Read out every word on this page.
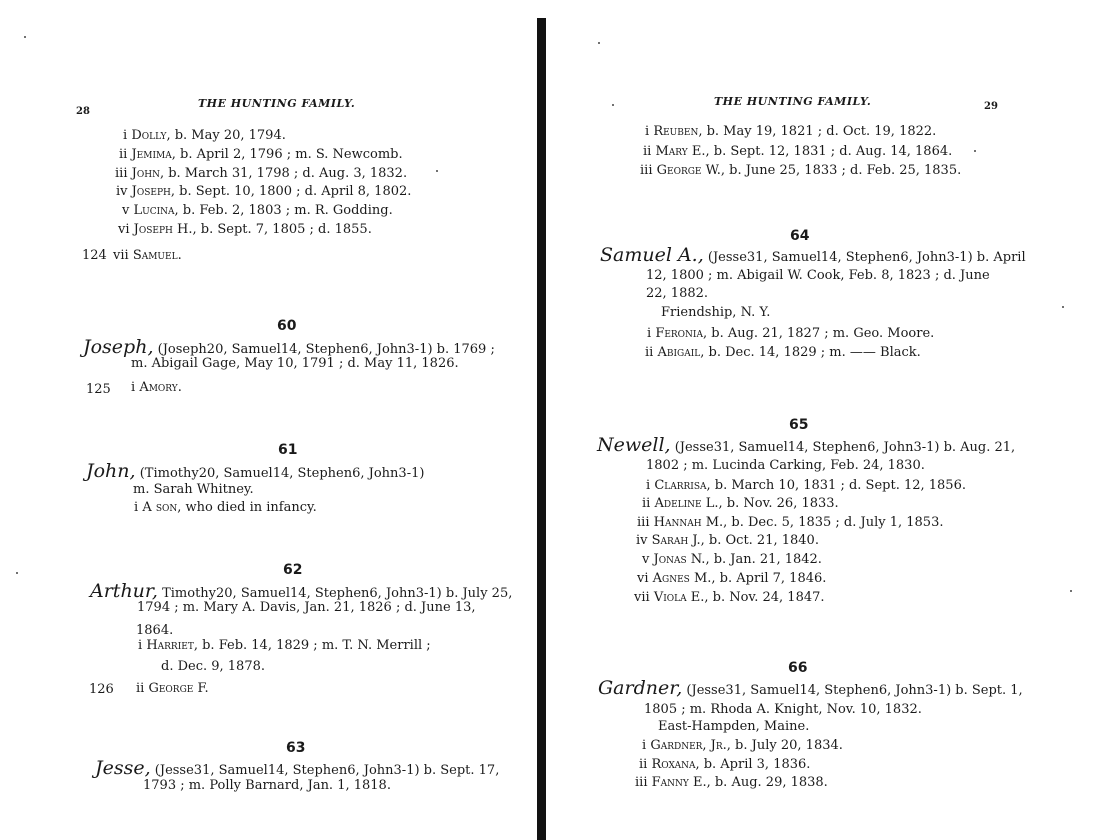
28
THE HUNTING FAMILY.
i Dolly, b. May 20, 1794.
ii Jemima, b. April 2, 1796 ; m. S. Newcomb.
iii John, b. March 31, 1798 ; d. Aug. 3, 1832.
iv Joseph, b. Sept. 10, 1800 ; d. April 8, 1802.
v Lucina, b. Feb. 2, 1803 ; m. R. Godding.
vi Joseph H., b. Sept. 7, 1805 ; d. 1855.
124 vii Samuel.
60
Joseph, (Joseph20, Samuel14, Stephen6, John3-1) b. 1769 ;
m. Abigail Gage, May 10, 1791 ; d. May 11, 1826.
125 i Amory.
61
John, (Timothy20, Samuel14, Stephen6, John3-1)
m. Sarah Whitney.
i A son, who died in infancy.
62
Arthur, Timothy20, Samuel14, Stephen6, John3-1) b. July 25,
1794 ; m. Mary A. Davis, Jan. 21, 1826 ; d. June 13,
1864.
i Harriet, b. Feb. 14, 1829 ; m. T. N. Merrill ;
d. Dec. 9, 1878.
126 ii George F.
63
Jesse, (Jesse31, Samuel14, Stephen6, John3-1) b. Sept. 17,
1793 ; m. Polly Barnard, Jan. 1, 1818.
THE HUNTING FAMILY.	29
i Reuben, b. May 19, 1821 ; d. Oct. 19, 1822.
ii Mary E., b. Sept. 12, 1831 ; d. Aug. 14, 1864.
iii George W., b. June 25, 1833 ; d. Feb. 25, 1835.
64
Samuel A., (Jesse31, Samuel14, Stephen6, John3-1) b. April
12, 1800 ; m. Abigail W. Cook, Feb. 8, 1823 ; d. June
22, 1882.
Friendship, N. Y.
i Feronia, b. Aug. 21, 1827 ; m. Geo. Moore.
ii Abigail, b. Dec. 14, 1829 ; m. —— Black.
65
Newell, (Jesse31, Samuel14, Stephen6, John3-1) b. Aug. 21,
1802 ; m. Lucinda Carking, Feb. 24, 1830.
i Clarrisa, b. March 10, 1831 ; d. Sept. 12, 1856.
ii Adeline L., b. Nov. 26, 1833.
iii Hannah M., b. Dec. 5, 1835 ; d. July 1, 1853.
iv Sarah J., b. Oct. 21, 1840.
v Jonas N., b. Jan. 21, 1842.
vi Agnes M., b. April 7, 1846.
vii Viola E., b. Nov. 24, 1847.
66
Gardner, (Jesse31, Samuel14, Stephen6, John3-1) b. Sept. 1,
1805 ; m. Rhoda A. Knight, Nov. 10, 1832.
East-Hampden, Maine.
i Gardner, Jr., b. July 20, 1834.
ii Roxana, b. April 3, 1836.
iii Fanny E., b. Aug. 29, 1838.
